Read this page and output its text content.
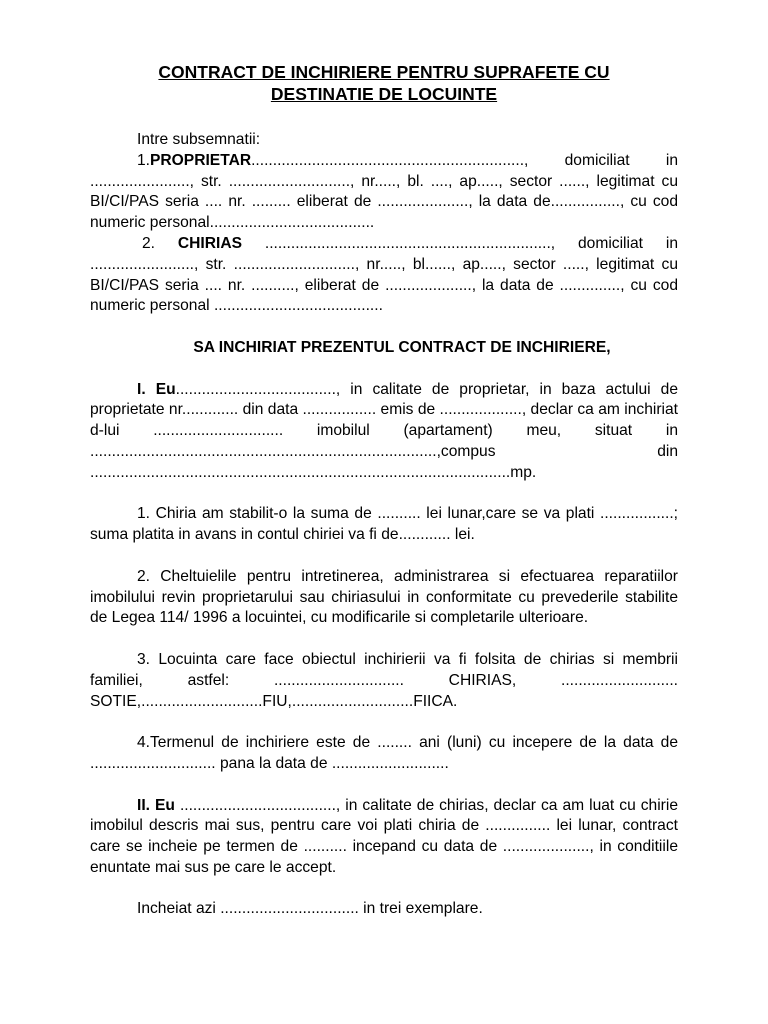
CONTRACT DE INCHIRIERE PENTRU SUPRAFETE CU
DESTINATIE DE LOCUINTE

Intre subsemnatii:

1.PROPRIETAR..............................................................., domiciliat in ......................., str. ............................, nr....., bl. ...., ap....., sector ......, legitimat cu BI/CI/PAS seria .... nr. ......... eliberat de ....................., la data de................, cu cod numeric personal......................................

2. CHIRIAS .................................................................., domiciliat in ........................, str. ............................, nr....., bl......, ap....., sector ....., legitimat cu BI/CI/PAS seria .... nr. .........., eliberat de ...................., la data de .............., cu cod numeric personal .......................................

SA INCHIRIAT PREZENTUL CONTRACT DE INCHIRIERE,

I. Eu....................................., in calitate de proprietar, in baza actului de proprietate nr............. din data ................. emis de ..................., declar ca am inchiriat d-lui .............................. imobilul (apartament) meu, situat in ................................................................................,compus din .................................................................................................mp.

1. Chiria am stabilit-o la suma de .......... lei lunar,care se va plati .................; suma platita in avans in contul chiriei va fi de............ lei.

2. Cheltuielile pentru intretinerea, administrarea si efectuarea reparatiilor imobilului revin proprietarului sau chiriasului in conformitate cu prevederile stabilite de Legea 114/ 1996 a locuintei, cu modificarile si completarile ulterioare.

3. Locuinta care face obiectul inchirierii va fi folsita de chirias si membrii familiei, astfel: .............................. CHIRIAS, ........................... SOTIE,............................FIU,............................FIICA.

4.Termenul de inchiriere este de ........ ani (luni) cu incepere de la data de ............................. pana la data de ...........................

II. Eu ...................................., in calitate de chirias, declar ca am luat cu chirie imobilul descris mai sus, pentru care voi plati chiria de ............... lei lunar, contract care se incheie pe termen de .......... incepand cu data de ...................., in conditiile enuntate mai sus pe care le accept.

Incheiat azi ................................ in trei exemplare.
